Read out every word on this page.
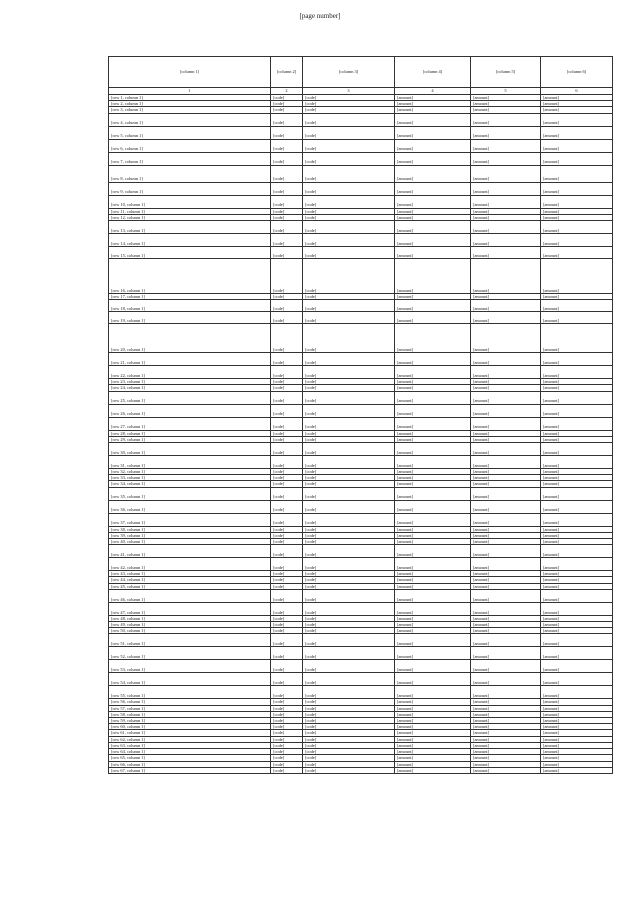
[page number]
[column 1]	[column 2]	[column 3]	[column 4]	[column 5]	[column 6]
1	2	3	4	5	6
[row 1, column 1]	[code]	[code]	[amount]	[amount]	[amount]
[row 2, column 1]	[code]	[code]	[amount]	[amount]	[amount]
[row 3, column 1]	[code]	[code]	[amount]	[amount]	[amount]
[row 4, column 1]	[code]	[code]	[amount]	[amount]	[amount]
[row 5, column 1]	[code]	[code]	[amount]	[amount]	[amount]
[row 6, column 1]	[code]	[code]	[amount]	[amount]	[amount]
[row 7, column 1]	[code]	[code]	[amount]	[amount]	[amount]
[row 8, column 1]	[code]	[code]	[amount]	[amount]	[amount]
[row 9, column 1]	[code]	[code]	[amount]	[amount]	[amount]
[row 10, column 1]	[code]	[code]	[amount]	[amount]	[amount]
[row 11, column 1]	[code]	[code]	[amount]	[amount]	[amount]
[row 12, column 1]	[code]	[code]	[amount]	[amount]	[amount]
[row 13, column 1]	[code]	[code]	[amount]	[amount]	[amount]
[row 14, column 1]	[code]	[code]	[amount]	[amount]	[amount]
[row 15, column 1]	[code]	[code]	[amount]	[amount]	[amount]
[row 16, column 1]	[code]	[code]	[amount]	[amount]	[amount]
[row 17, column 1]	[code]	[code]	[amount]	[amount]	[amount]
[row 18, column 1]	[code]	[code]	[amount]	[amount]	[amount]
[row 19, column 1]	[code]	[code]	[amount]	[amount]	[amount]
[row 20, column 1]	[code]	[code]	[amount]	[amount]	[amount]
[row 21, column 1]	[code]	[code]	[amount]	[amount]	[amount]
[row 22, column 1]	[code]	[code]	[amount]	[amount]	[amount]
[row 23, column 1]	[code]	[code]	[amount]	[amount]	[amount]
[row 24, column 1]	[code]	[code]	[amount]	[amount]	[amount]
[row 25, column 1]	[code]	[code]	[amount]	[amount]	[amount]
[row 26, column 1]	[code]	[code]	[amount]	[amount]	[amount]
[row 27, column 1]	[code]	[code]	[amount]	[amount]	[amount]
[row 28, column 1]	[code]	[code]	[amount]	[amount]	[amount]
[row 29, column 1]	[code]	[code]	[amount]	[amount]	[amount]
[row 30, column 1]	[code]	[code]	[amount]	[amount]	[amount]
[row 31, column 1]	[code]	[code]	[amount]	[amount]	[amount]
[row 32, column 1]	[code]	[code]	[amount]	[amount]	[amount]
[row 33, column 1]	[code]	[code]	[amount]	[amount]	[amount]
[row 34, column 1]	[code]	[code]	[amount]	[amount]	[amount]
[row 35, column 1]	[code]	[code]	[amount]	[amount]	[amount]
[row 36, column 1]	[code]	[code]	[amount]	[amount]	[amount]
[row 37, column 1]	[code]	[code]	[amount]	[amount]	[amount]
[row 38, column 1]	[code]	[code]	[amount]	[amount]	[amount]
[row 39, column 1]	[code]	[code]	[amount]	[amount]	[amount]
[row 40, column 1]	[code]	[code]	[amount]	[amount]	[amount]
[row 41, column 1]	[code]	[code]	[amount]	[amount]	[amount]
[row 42, column 1]	[code]	[code]	[amount]	[amount]	[amount]
[row 43, column 1]	[code]	[code]	[amount]	[amount]	[amount]
[row 44, column 1]	[code]	[code]	[amount]	[amount]	[amount]
[row 45, column 1]	[code]	[code]	[amount]	[amount]	[amount]
[row 46, column 1]	[code]	[code]	[amount]	[amount]	[amount]
[row 47, column 1]	[code]	[code]	[amount]	[amount]	[amount]
[row 48, column 1]	[code]	[code]	[amount]	[amount]	[amount]
[row 49, column 1]	[code]	[code]	[amount]	[amount]	[amount]
[row 50, column 1]	[code]	[code]	[amount]	[amount]	[amount]
[row 51, column 1]	[code]	[code]	[amount]	[amount]	[amount]
[row 52, column 1]	[code]	[code]	[amount]	[amount]	[amount]
[row 53, column 1]	[code]	[code]	[amount]	[amount]	[amount]
[row 54, column 1]	[code]	[code]	[amount]	[amount]	[amount]
[row 55, column 1]	[code]	[code]	[amount]	[amount]	[amount]
[row 56, column 1]	[code]	[code]	[amount]	[amount]	[amount]
[row 57, column 1]	[code]	[code]	[amount]	[amount]	[amount]
[row 58, column 1]	[code]	[code]	[amount]	[amount]	[amount]
[row 59, column 1]	[code]	[code]	[amount]	[amount]	[amount]
[row 60, column 1]	[code]	[code]	[amount]	[amount]	[amount]
[row 61, column 1]	[code]	[code]	[amount]	[amount]	[amount]
[row 62, column 1]	[code]	[code]	[amount]	[amount]	[amount]
[row 63, column 1]	[code]	[code]	[amount]	[amount]	[amount]
[row 64, column 1]	[code]	[code]	[amount]	[amount]	[amount]
[row 65, column 1]	[code]	[code]	[amount]	[amount]	[amount]
[row 66, column 1]	[code]	[code]	[amount]	[amount]	[amount]
[row 67, column 1]	[code]	[code]	[amount]	[amount]	[amount]
